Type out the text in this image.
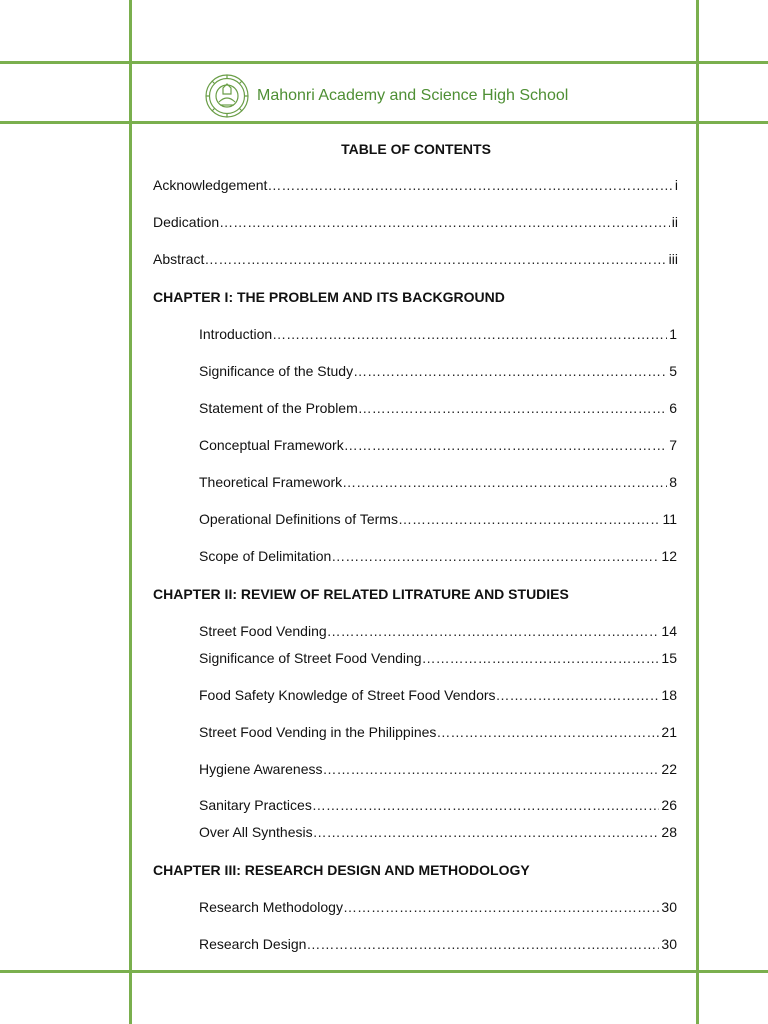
Mahonri Academy and Science High School
TABLE OF CONTENTS
Acknowledgement ……………………………………………………………………………………………………………………………………………………………………………………………………………………	i
Dedication ……………………………………………………………………………………………………………………………………………………………………………………………………………………	ii
Abstract ……………………………………………………………………………………………………………………………………………………………………………………………………………………	iii
CHAPTER I: THE PROBLEM AND ITS BACKGROUND
Introduction ……………………………………………………………………………………………………………………………………………………………………………………………………………………	1
Significance of the Study ……………………………………………………………………………………………………………………………………………………………………………………………………………………	5
Statement of the Problem ……………………………………………………………………………………………………………………………………………………………………………………………………………………	6
Conceptual Framework ……………………………………………………………………………………………………………………………………………………………………………………………………………………	7
Theoretical Framework ……………………………………………………………………………………………………………………………………………………………………………………………………………………	8
Operational Definitions of Terms ……………………………………………………………………………………………………………………………………………………………………………………………………………………	11
Scope of Delimitation ……………………………………………………………………………………………………………………………………………………………………………………………………………………	12
CHAPTER II: REVIEW OF RELATED LITRATURE AND STUDIES
Street Food Vending ……………………………………………………………………………………………………………………………………………………………………………………………………………………	14
Significance of Street Food Vending ……………………………………………………………………………………………………………………………………………………………………………………………………………………	15
Food Safety Knowledge of Street Food Vendors ……………………………………………………………………………………………………………………………………………………………………………………………………………………	18
Street Food Vending in the Philippines ……………………………………………………………………………………………………………………………………………………………………………………………………………………	21
Hygiene Awareness ……………………………………………………………………………………………………………………………………………………………………………………………………………………	22
Sanitary Practices ……………………………………………………………………………………………………………………………………………………………………………………………………………………	26
Over All Synthesis ……………………………………………………………………………………………………………………………………………………………………………………………………………………	28
CHAPTER III: RESEARCH DESIGN AND METHODOLOGY
Research Methodology ……………………………………………………………………………………………………………………………………………………………………………………………………………………	30
Research Design ……………………………………………………………………………………………………………………………………………………………………………………………………………………	30
